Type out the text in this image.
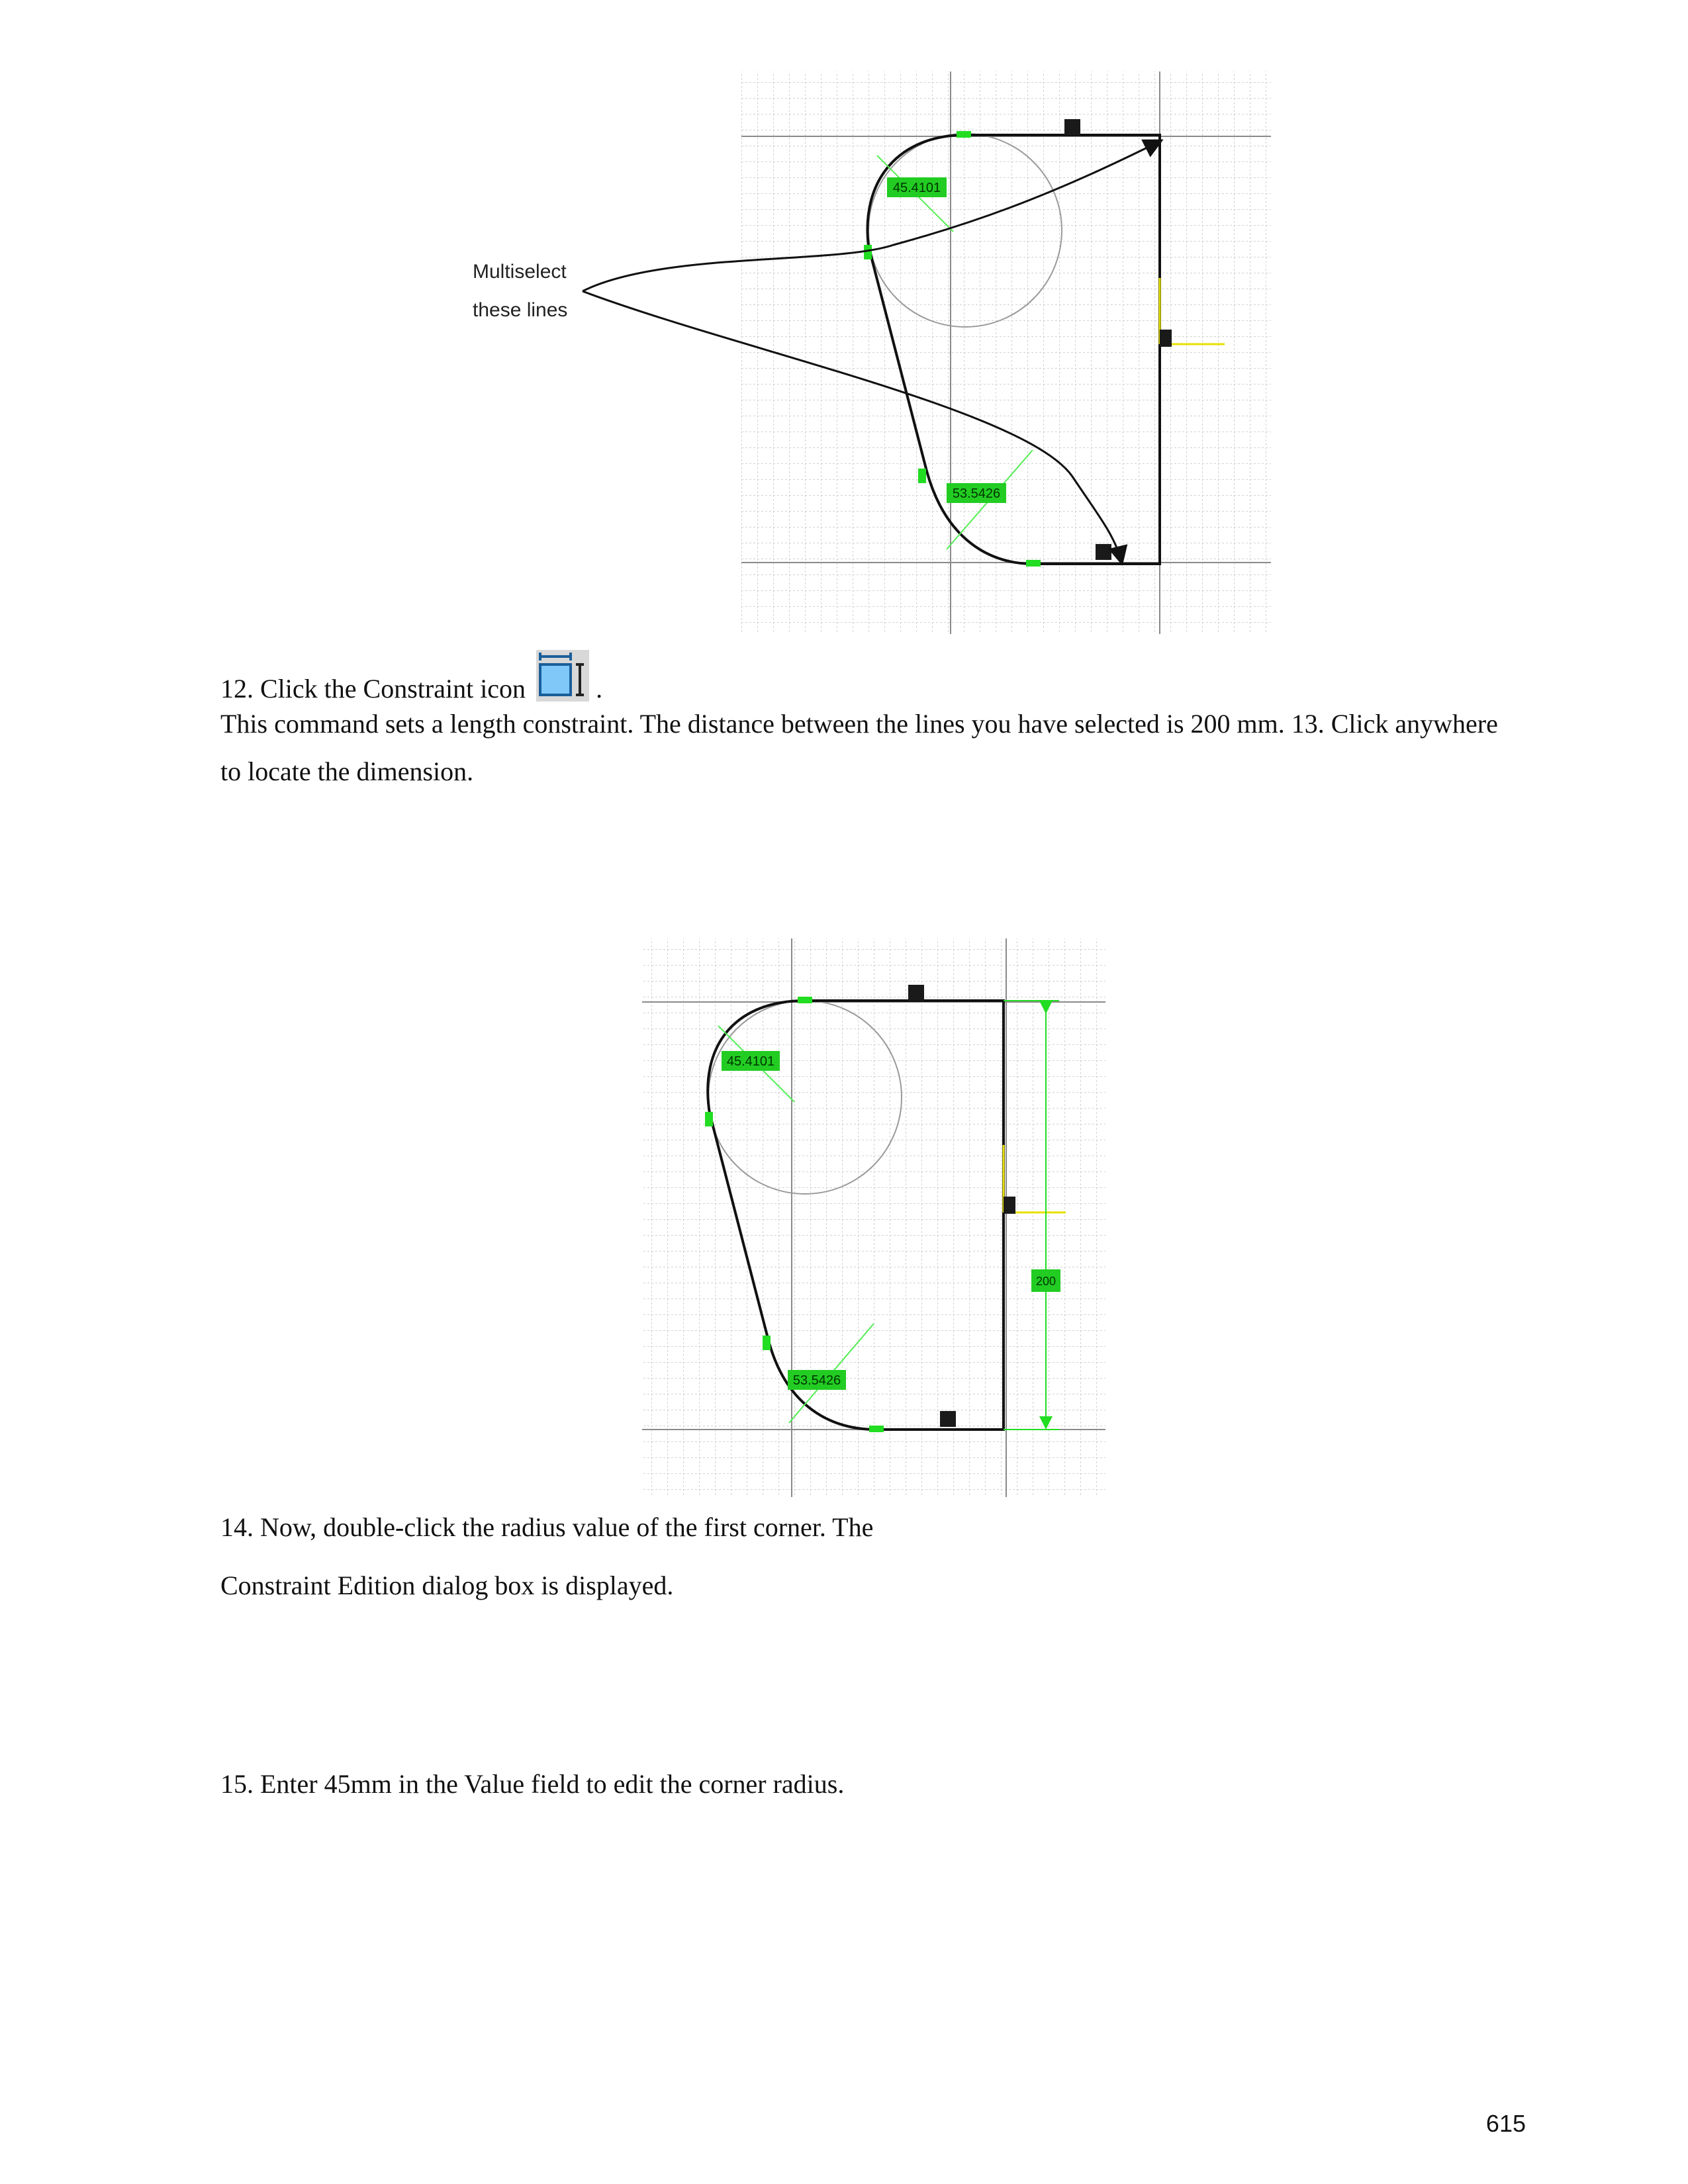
45.4101
53.5426
Multiselect
these lines

12. Click the Constraint icon	.

This command sets a length constraint. The distance between the lines you have selected is 200 mm. 13. Click anywhere to locate the dimension.

200
45.4101
53.5426

14. Now, double-click the radius value of the first corner. The

Constraint Edition dialog box is displayed.

15. Enter 45mm in the Value field to edit the corner radius.

615
